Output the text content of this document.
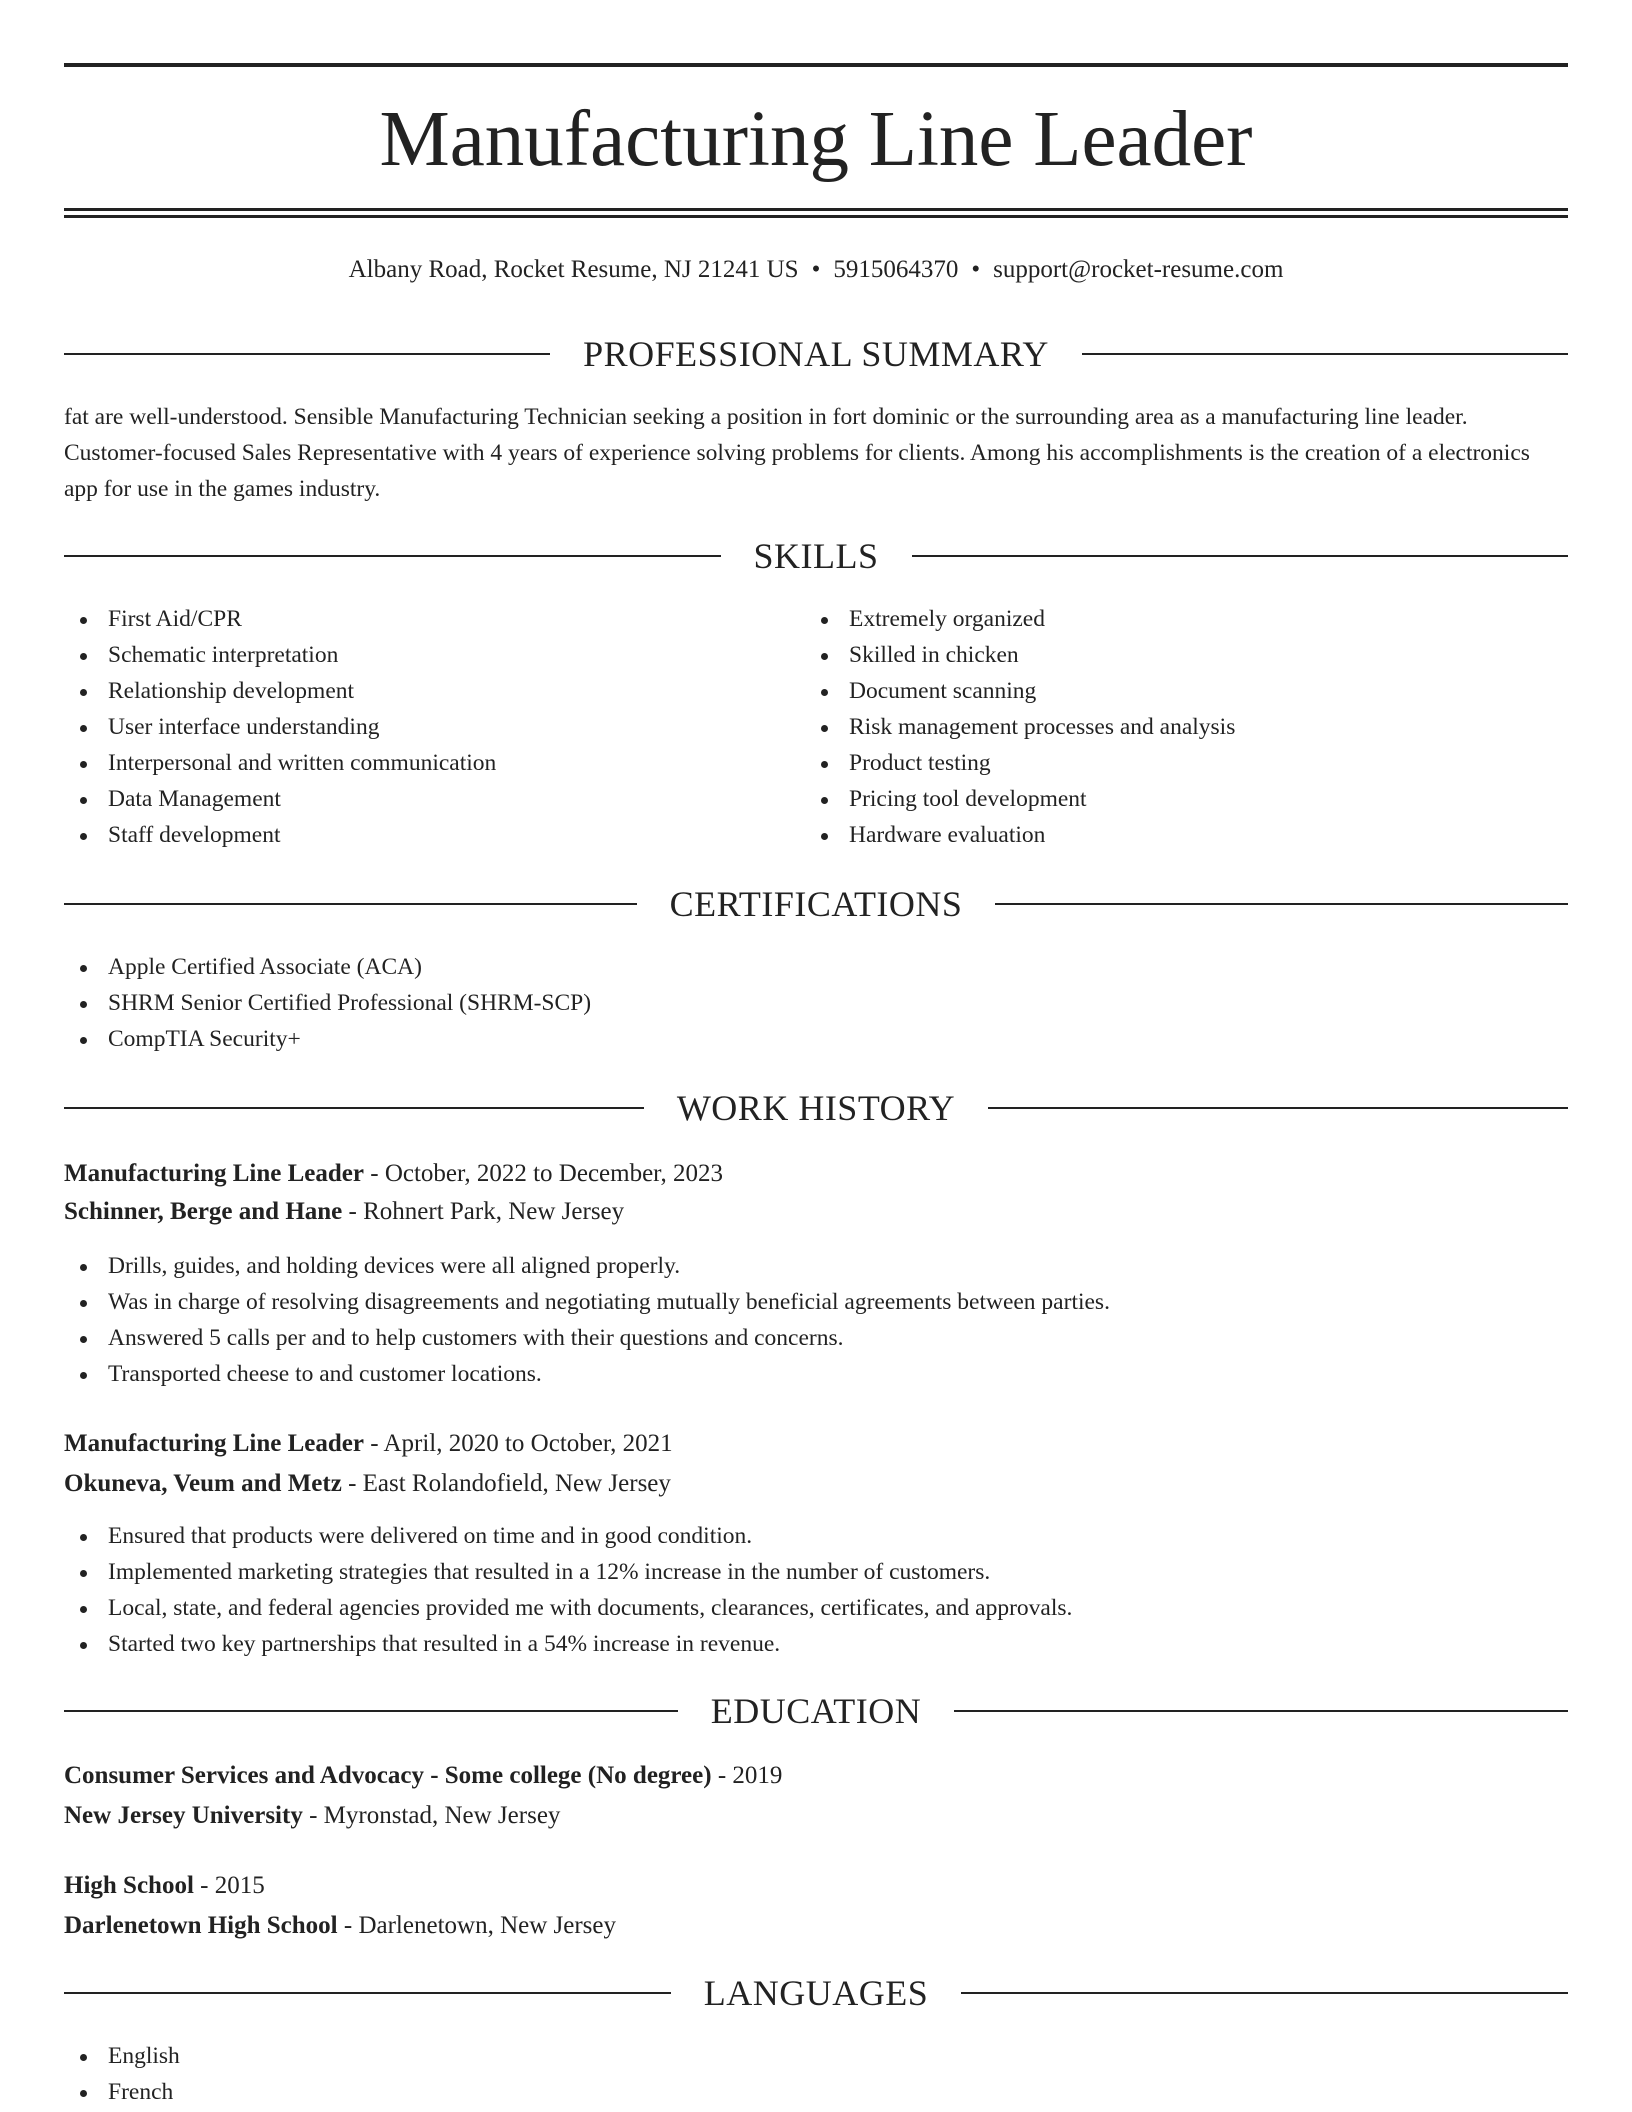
Manufacturing Line Leader
Albany Road, Rocket Resume, NJ 21241 US • 5915064370 • support@rocket-resume.com
PROFESSIONAL SUMMARY

fat are well-understood. Sensible Manufacturing Technician seeking a position in fort dominic or the surrounding area as a manufacturing line leader. Customer-focused Sales Representative with 4 years of experience solving problems for clients. Among his accomplishments is the creation of a electronics app for use in the games industry.

SKILLS
First Aid/CPR
Schematic interpretation
Relationship development
User interface understanding
Interpersonal and written communication
Data Management
Staff development
Extremely organized
Skilled in chicken
Document scanning
Risk management processes and analysis
Product testing
Pricing tool development
Hardware evaluation
CERTIFICATIONS
Apple Certified Associate (ACA)
SHRM Senior Certified Professional (SHRM-SCP)
CompTIA Security+
WORK HISTORY
Manufacturing Line Leader - October, 2022 to December, 2023
Schinner, Berge and Hane - Rohnert Park, New Jersey
Drills, guides, and holding devices were all aligned properly.
Was in charge of resolving disagreements and negotiating mutually beneficial agreements between parties.
Answered 5 calls per and to help customers with their questions and concerns.
Transported cheese to and customer locations.
Manufacturing Line Leader - April, 2020 to October, 2021
Okuneva, Veum and Metz - East Rolandofield, New Jersey
Ensured that products were delivered on time and in good condition.
Implemented marketing strategies that resulted in a 12% increase in the number of customers.
Local, state, and federal agencies provided me with documents, clearances, certificates, and approvals.
Started two key partnerships that resulted in a 54% increase in revenue.
EDUCATION
Consumer Services and Advocacy - Some college (No degree) - 2019
New Jersey University - Myronstad, New Jersey
High School - 2015
Darlenetown High School - Darlenetown, New Jersey
LANGUAGES
English
French
